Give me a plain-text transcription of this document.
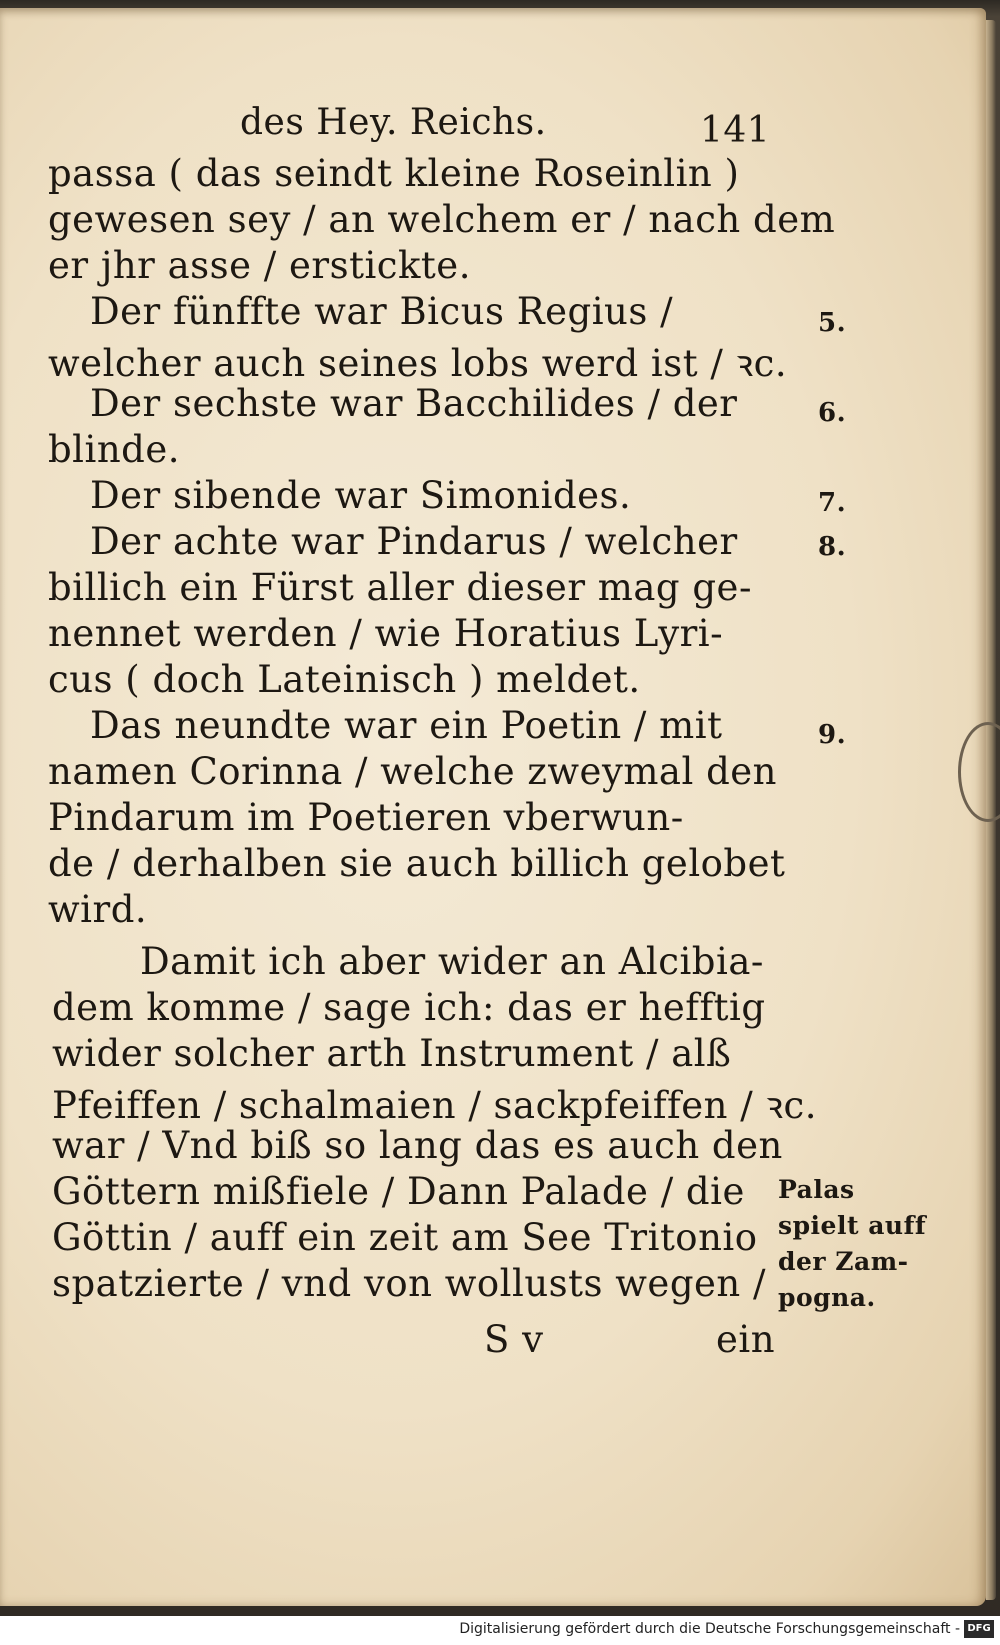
des Hey. Reichs.	141
passa ( das seindt kleine Roseinlin )
gewesen sey / an welchem er / nach dem
er jhr asse / erstickte.
Der fünffte war Bicus Regius /
welcher auch seines lobs werd ist / ꝛc.
Der sechste war Bacchilides / der
blinde.
Der sibende war Simonides.
Der achte war Pindarus / welcher
billich ein Fürst aller dieser mag ge-
nennet werden / wie Horatius Lyri-
cus ( doch Lateinisch ) meldet.
Das neundte war ein Poetin / mit
namen Corinna / welche zweymal den
Pindarum im Poetieren vberwun-
de / derhalben sie auch billich gelobet
wird.
Damit ich aber wider an Alcibia-
dem komme / sage ich: das er hefftig
wider solcher arth Instrument / alß
Pfeiffen / schalmaien / sackpfeiffen / ꝛc.
war / Vnd biß so lang das es auch den
Göttern mißfiele / Dann Palade / die
Göttin / auff ein zeit am See Tritonio
spatzierte / vnd von wollusts wegen /
5.
6.
7.
8.
9.
Palas
spielt auff
der Zam-
pogna.
S v	ein
Digitalisierung gefördert durch die Deutsche Forschungsgemeinschaft - DFG
